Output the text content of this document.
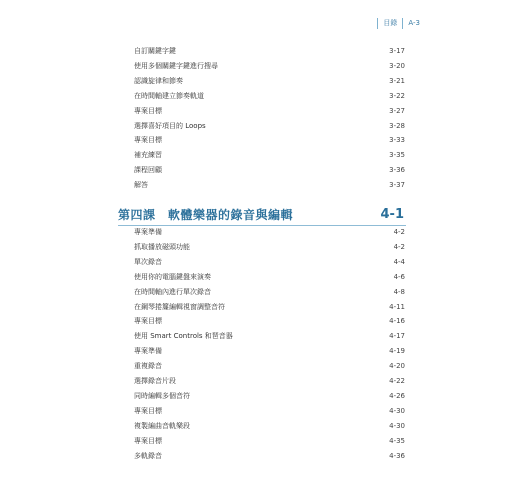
目錄 A-3
自訂關鍵字鍵	3-17
使用多個關鍵字鍵進行搜尋	3-20
認識旋律和節奏	3-21
在時間軸建立節奏軌道	3-22
專案目標	3-27
選擇喜好項目的 Loops	3-28
專案目標	3-33
補充練習	3-35
課程回顧	3-36
解答	3-37
第四課　軟體樂器的錄音與編輯	4-1
專案準備	4-2
抓取播放磁頭功能	4-2
單次錄音	4-4
使用你的電腦鍵盤來演奏	4-6
在時間軸內進行單次錄音	4-8
在鋼琴捲簾編輯視窗調整音符	4-11
專案目標	4-16
使用 Smart Controls 和琶音器	4-17
專案準備	4-19
重複錄音	4-20
選擇錄音片段	4-22
同時編輯多個音符	4-26
專案目標	4-30
複製編曲音軌樂段	4-30
專案目標	4-35
多軌錄音	4-36
